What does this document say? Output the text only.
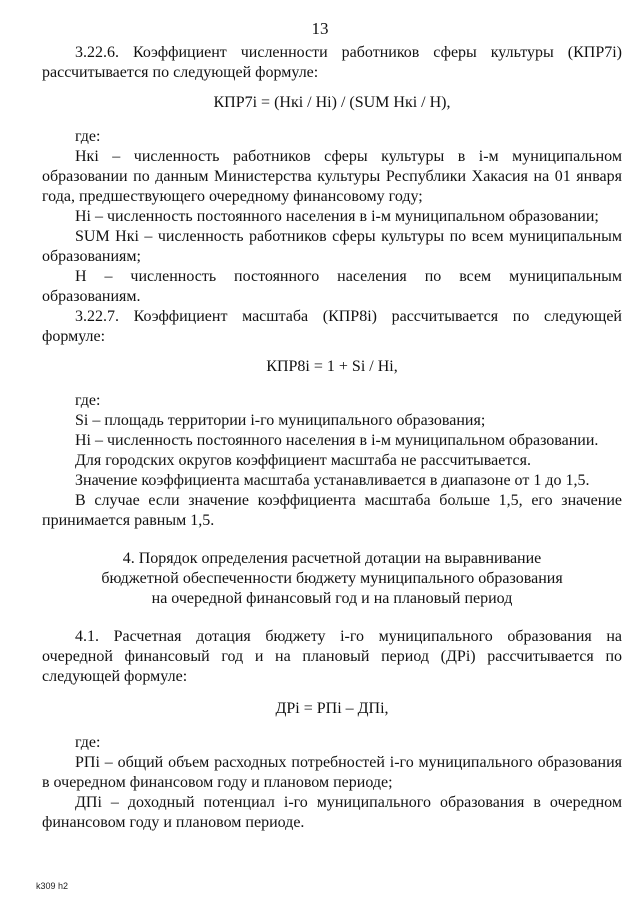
13

3.22.6. Коэффициент численности работников сферы культуры (КПР7i) рассчитывается по следующей формуле:

КПР7i = (Нкi / Нi) / (SUM Нкi / Н),

где:

Нкi – численность работников сферы культуры в i-м муниципальном образовании по данным Министерства культуры Республики Хакасия на 01 января года, предшествующего очередному финансовому году;

Нi – численность постоянного населения в i-м муниципальном образовании;

SUM Нкi – численность работников сферы культуры по всем муниципальным образованиям;

Н – численность постоянного населения по всем муниципальным образованиям.

3.22.7. Коэффициент масштаба (КПР8i) рассчитывается по следующей формуле:

КПР8i = 1 + Si / Нi,

где:

Si – площадь территории i-го муниципального образования;

Нi – численность постоянного населения в i-м муниципальном образовании.

Для городских округов коэффициент масштаба не рассчитывается.

Значение коэффициента масштаба устанавливается в диапазоне от 1 до 1,5.

В случае если значение коэффициента масштаба больше 1,5, его значение принимается равным 1,5.

4. Порядок определения расчетной дотации на выравнивание
бюджетной обеспеченности бюджету муниципального образования
на очередной финансовый год и на плановый период

4.1. Расчетная дотация бюджету i-го муниципального образования на очередной финансовый год и на плановый период (ДРi) рассчитывается по следующей формуле:

ДРi = РПi – ДПi,

где:

РПi – общий объем расходных потребностей i-го муниципального образования в очередном финансовом году и плановом периоде;

ДПi – доходный потенциал i-го муниципального образования в очередном финансовом году и плановом периоде.

k309 h2
